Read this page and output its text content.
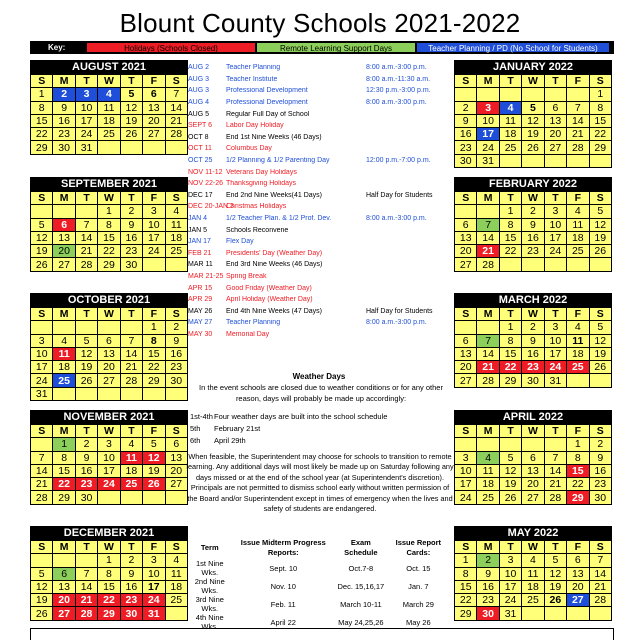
Blount County Schools 2021-2022
Key:	Holidays (Schools Closed)	Remote Learning Support Days	Teacher Planning / PD (No School for Students)
AUGUST 2021
S	M	T	W	T	F	S
1	2	3	4	5	6	7
8	9	10	11	12	13	14
15	16	17	18	19	20	21
22	23	24	25	26	27	28
29	30	31				
SEPTEMBER 2021
S	M	T	W	T	F	S
			1	2	3	4
5	6	7	8	9	10	11
12	13	14	15	16	17	18
19	20	21	22	23	24	25
26	27	28	29	30		
OCTOBER 2021
S	M	T	W	T	F	S
					1	2
3	4	5	6	7	8	9
10	11	12	13	14	15	16
17	18	19	20	21	22	23
24	25	26	27	28	29	30
31						
NOVEMBER 2021
S	M	T	W	T	F	S
	1	2	3	4	5	6
7	8	9	10	11	12	13
14	15	16	17	18	19	20
21	22	23	24	25	26	27
28	29	30				
DECEMBER 2021
S	M	T	W	T	F	S
			1	2	3	4
5	6	7	8	9	10	11
12	13	14	15	16	17	18
19	20	21	22	23	24	25
26	27	28	29	30	31	
JANUARY 2022
S	M	T	W	T	F	S
						1
2	3	4	5	6	7	8
9	10	11	12	13	14	15
16	17	18	19	20	21	22
23	24	25	26	27	28	29
30	31					
FEBRUARY 2022
S	M	T	W	T	F	S
		1	2	3	4	5
6	7	8	9	10	11	12
13	14	15	16	17	18	19
20	21	22	23	24	25	26
27	28					
MARCH 2022
S	M	T	W	T	F	S
		1	2	3	4	5
6	7	8	9	10	11	12
13	14	15	16	17	18	19
20	21	22	23	24	25	26
27	28	29	30	31		
APRIL 2022
S	M	T	W	T	F	S
					1	2
3	4	5	6	7	8	9
10	11	12	13	14	15	16
17	18	19	20	21	22	23
24	25	26	27	28	29	30
MAY 2022
S	M	T	W	T	F	S
1	2	3	4	5	6	7
8	9	10	11	12	13	14
15	16	17	18	19	20	21
22	23	24	25	26	27	28
29	30	31				
AUG 2	Teacher Planning	8:00 a.m.-3:00 p.m.
AUG 3	Teacher Institute	8:00 a.m.-11:30 a.m.
AUG 3	Professional Development	12:30 p.m.-3:00 p.m.
AUG 4	Professional Development	8:00 a.m.-3:00 p.m.
AUG 5	Regular Full Day of School
SEPT 6	Labor Day Holiday
OCT 8	End 1st Nine Weeks (46 Days)
OCT 11	Columbus Day
OCT 25	1/2 Planning & 1/2 Parenting Day	12:00 p.m.-7:00 p.m.
NOV 11-12 Veterans Day Holidays
NOV 22-26 Thanksgiving Holidays
DEC 17	End 2nd Nine Weeks(41 Days)	Half Day for Students
DEC 20-JAN 3
Christmas Holidays
JAN 4	1/2 Teacher Plan. & 1/2 Prof. Dev.	8:00 a.m.-3:00 p.m.
JAN 5	Schools Reconvene
JAN 17	Flex Day
FEB 21	Presidents' Day (Weather Day)
MAR 11	End 3rd Nine Weeks (46 Days)
MAR 21-25 Spring Break
APR 15	Good Friday (Weather Day)
APR 29	April Holiday (Weather Day)
MAY 26	End 4th Nine Weeks (47 Days)	Half Day for Students
MAY 27	Teacher Planning	8:00 a.m.-3:00 p.m.
MAY 30	Memorial Day
Weather Days
In the event schools are closed due to weather conditions or for any other reason, days will probably be made up accordingly:
1st-4th Four weather days are built into the school schedule
5th	February 21st
6th	April 29th
When feasible, the Superintendent may choose for schools to transition to remote learning. Any additional days will most likely be made up on Saturday following any days missed or at the end of the school year (at Superintendent's discretion). Principals are not permitted to dismiss school early without written permission of the Board and/or Superintendent except in times of emergency when the lives and safety of students are endangered.
Term	Issue Midterm Progress Reports:	Exam Schedule	Issue Report Cards:
1st Nine Wks.	Sept. 10	Oct.7-8	Oct. 15
2nd Nine Wks.	Nov. 10	Dec. 15,16,17	Jan. 7
3rd Nine Wks.	Feb. 11	March 10-11	March 29
4th Nine Wks.	April 22	May 24,25,26	May 26
